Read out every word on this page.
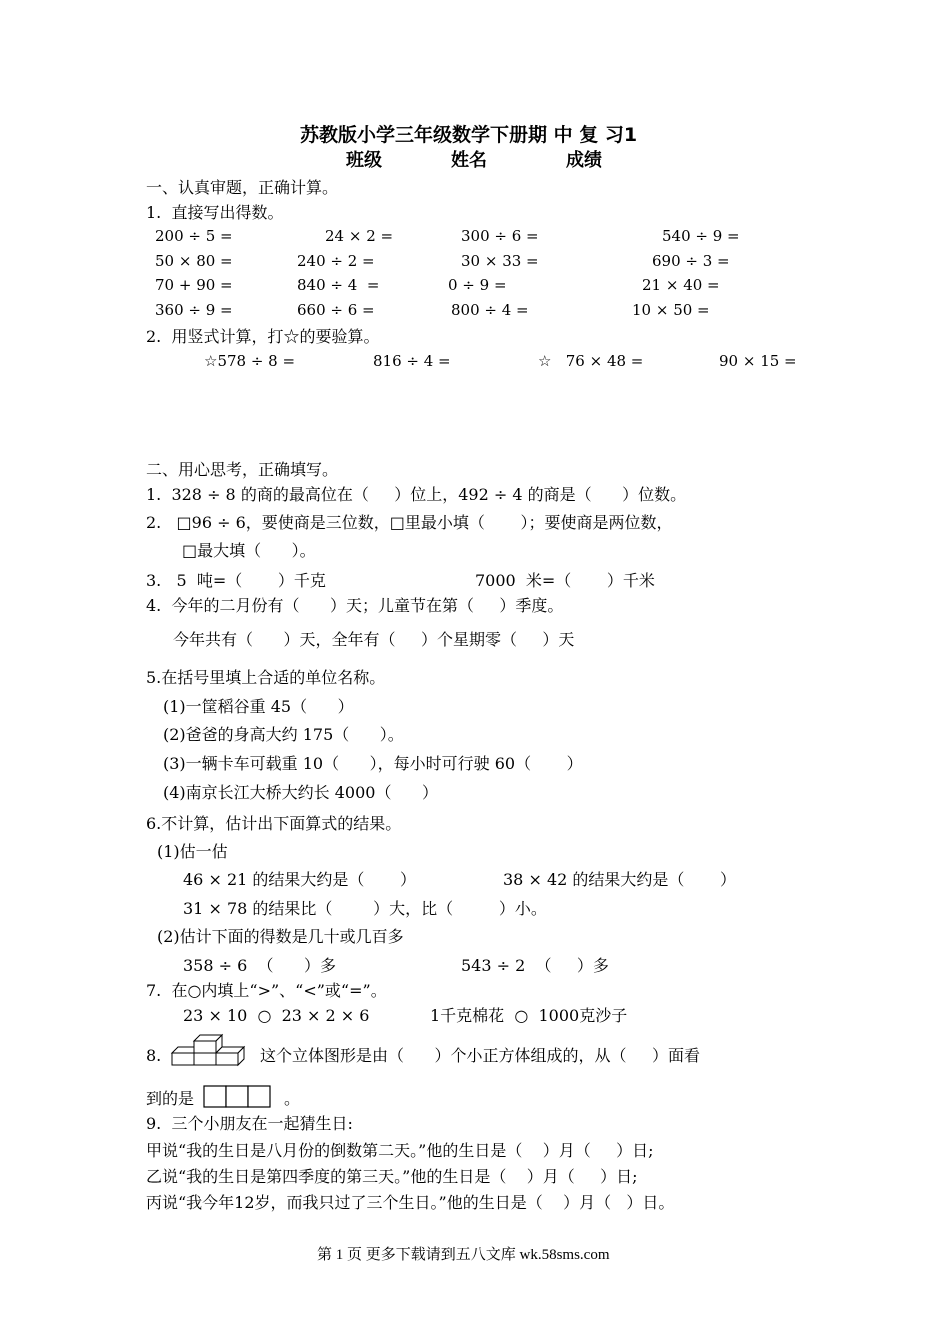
苏教版小学三年级数学下册期 中 复 习1
班级	姓名	成绩
一、认真审题，正确计算。
1.  直接写出得数。
200 ÷ 5 =	24 × 2 =	300 ÷ 6 =	540 ÷ 9 =
50 × 80 =	240 ÷ 2 =	30 × 33 =	690 ÷ 3 =
70 + 90 =	840 ÷ 4  =	0 ÷ 9 =	21 × 40 =
360 ÷ 9 =	660 ÷ 6 =	800 ÷ 4 =	10 × 50 =
2.  用竖式计算，打☆的要验算。
☆578 ÷ 8 =	816 ÷ 4 =	☆   76 × 48 =	90 × 15 =
二、用心思考，正确填写。
1.  328 ÷ 8 的商的最高位在（     ）位上，492 ÷ 4 的商是（      ）位数。
2.   □96 ÷ 6，要使商是三位数，□里最小填（       ）；要使商是两位数，
□最大填（      ）。
3.   5  吨=（       ）千克	7000  米=（       ）千米
4.  今年的二月份有（      ）天；儿童节在第（     ）季度。
今年共有（      ）天，全年有（     ）个星期零（     ）天
5.在括号里填上合适的单位名称。
(1)一筐稻谷重 45（      ）
(2)爸爸的身高大约 175（      ）。
(3)一辆卡车可载重 10（      ），每小时可行驶 60（       ）
(4)南京长江大桥大约长 4000（      ）
6.不计算，估计出下面算式的结果。
(1)估一估
46 × 21 的结果大约是（       ）	38 × 42 的结果大约是（       ）
31 × 78 的结果比（        ）大，比（         ）小。
(2)估计下面的得数是几十或几百多
358 ÷ 6  （      ）多	543 ÷ 2  （     ）多
7.  在○内填上“>”、“<”或“=”。
23 × 10  ○  23 × 2 × 6	1千克棉花  ○  1000克沙子
8.	这个立体图形是由（      ）个小正方体组成的，从（     ）面看
到的是	。
9.  三个小朋友在一起猜生日:
甲说“我的生日是八月份的倒数第二天。”他的生日是（    ）月（     ）日;
乙说“我的生日是第四季度的第三天。”他的生日是（    ）月（     ）日;
丙说“我今年12岁，而我只过了三个生日。”他的生日是（    ）月（   ）日。
第 1 页 更多下载请到五八文库 wk.58sms.com
